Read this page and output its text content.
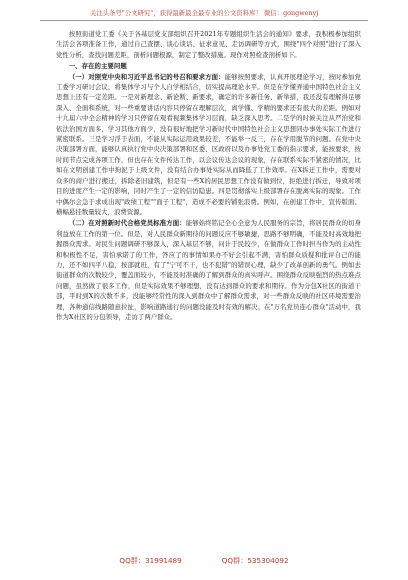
关注头条号"公文研究"，获得最新最全最专业的公文资料库！ 微信：gongwenyj

按照街道党工委《关于各基层党支部组织召开2021年专题组织生活会的通知》要求，我积极参加组织生活会各项准备工作，通过自己查摆、谈心谈话、征求意见、走访调研等方式，围绕"四个对照"进行了深入党性分析，查找问题差距，剖析问题根源，制定了整改措施。现作对照检查剖析如下。

一、存在的主要问题

（一）对照党中央和习近平总书记的号召和要求方面：能够按照要求，认真开展理论学习，按时参加党工委学习研讨会议，将集体学习与个人自学相结合，切实提高理论水平。但是在学懂弄通中国特色社会主义思想上还有一定差距。一是对新理念、新论断、新要求，确定的许多新任务、新举措，我还没有理解得足够深入、全面和系统，对一些重要讲话内容只停留在理解层次，离学懂、学精的要求还有很大的差距。例如对十九届六中全会精神的学习只停留在观看视频集体学习层面，缺乏深入思考。二是学的时候关注从严治党和依法治国方面多，学习其他方面少，没有很好地把学习新时代中国特色社会主义思想同办事处实际工作进行紧密联系。三是学习浮于表面，不能从实际运用效果较差，不能举一反三，存在学用脱节的问题。在党中央决策部署方面，能够认真执行党中央决策部署和区委、区政府以及办事处党工委的指示要求，能按要求，按时间节点完成各项工作，但也存在文件传达工作，以会议传达会议的现象，存在联系实际不紧密的情况，比如在文明创建工作中拘泥于上级文件，没有结合办事处实际从而降低了工作效率。在X拆迁工作中，需要对众多的商户进行搬迁，拆除老旧建筑，但是有一些X的居民思想工作没有做到位，拒绝进行拆迁，导致对项目的进度产生一定的影响，同时产生了一定的信访隐患。四是贯彻落实上级部署存在脱离实际的现象。工作中偶尔会急于求成出现"政绩工程""面子工程"，造成不必要的铺张浪费。例如，在创建工作中，宣传版面、横幅悬挂数量较大，浪费资源。

（二）在对照新时代合格党员标准方面：能够始终铭记全心全意为人民服务的宗旨，将居民群众的切身利益放在工作的第一位。但是，对人民群众新期待的问题反应不够敏捷，思路不够明确，不能及时高效地把握群众需求。对民生问题调研不够深入，深入基层不够，问计于民较少，在做群众工作时担当作为的主动性和积极性不足，害怕承诺了的工作，答应了的事情如果办不好会引起不满，害怕群众质疑和批评自己的能力，还不如四平八稳，按部就班，有了"宁可不干，也不犯错"的错误心理，缺少了改革创新的勇气。例如去街道群众的次数较少，覆盖面较小，不能及时准确的了解到群众的真实呼声。围绕群众反映强烈的热点难点问题，虽然做了很多工作，但是实际效果不够理想，没有达到群众的要求和期待。作为分包X社区的街道干部，平时到X的次数不多，没能够经常性的深入到群众中了解群众需求，对一些群众反映的社区环境需要治理，各种通信线路随意拉扯，影响道路通行的问题没能及时有效的解决。在"万名党员连心群众"活动中，我作为X社区的分包领导，走访了两户群众。

QQ群：31991489	QQ群：535304092
